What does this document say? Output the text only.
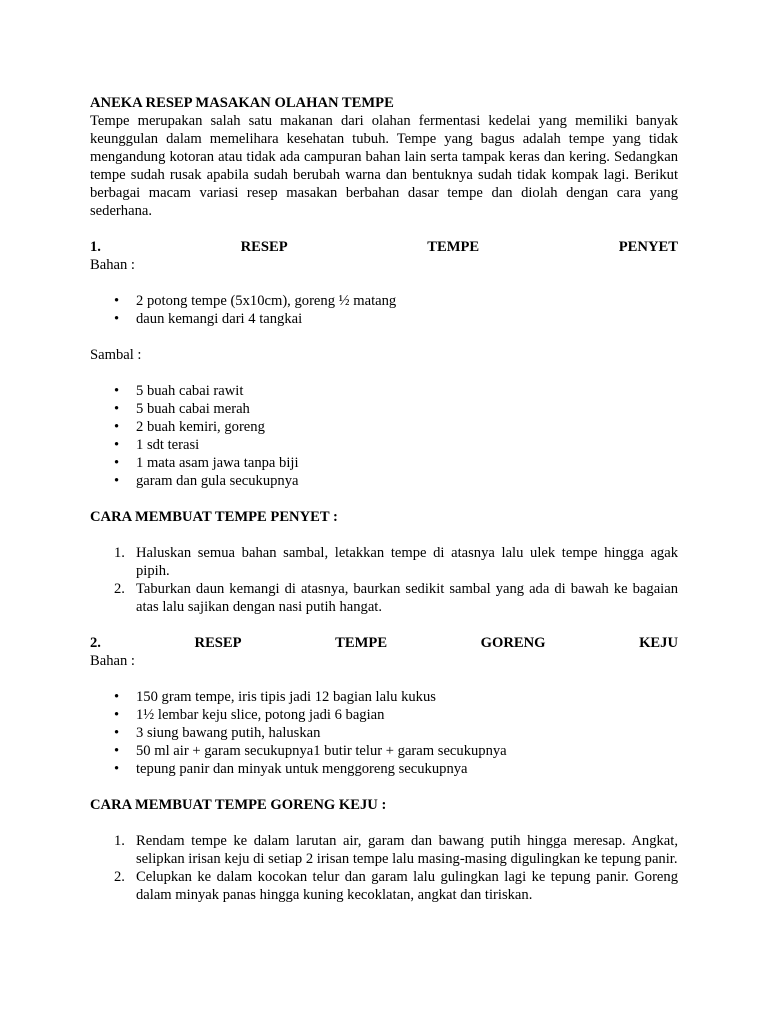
ANEKA RESEP MASAKAN OLAHAN TEMPE

Tempe merupakan salah satu makanan dari olahan fermentasi kedelai yang memiliki banyak keunggulan dalam memelihara kesehatan tubuh. Tempe yang bagus adalah tempe yang tidak mengandung kotoran atau tidak ada campuran bahan lain serta tampak keras dan kering. Sedangkan tempe sudah rusak apabila sudah berubah warna dan bentuknya sudah tidak kompak lagi. Berikut berbagai macam variasi resep masakan berbahan dasar tempe dan diolah dengan cara yang sederhana.

1.	RESEP	TEMPE	PENYET

Bahan :

• 2 potong tempe (5x10cm), goreng ½ matang
• daun kemangi dari 4 tangkai

Sambal :

• 5 buah cabai rawit
• 5 buah cabai merah
• 2 buah kemiri, goreng
• 1 sdt terasi
• 1 mata asam jawa tanpa biji
• garam dan gula secukupnya

CARA MEMBUAT TEMPE PENYET :

1. Haluskan semua bahan sambal, letakkan tempe di atasnya lalu ulek tempe hingga agak pipih.
2. Taburkan daun kemangi di atasnya, baurkan sedikit sambal yang ada di bawah ke bagaian atas lalu sajikan dengan nasi putih hangat.
2.	RESEP	TEMPE	GORENG	KEJU

Bahan :

• 150 gram tempe, iris tipis jadi 12 bagian lalu kukus
• 1½ lembar keju slice, potong jadi 6 bagian
• 3 siung bawang putih, haluskan
• 50 ml air + garam secukupnya1 butir telur + garam secukupnya
• tepung panir dan minyak untuk menggoreng secukupnya

CARA MEMBUAT TEMPE GORENG KEJU :

1. Rendam tempe ke dalam larutan air, garam dan bawang putih hingga meresap. Angkat, selipkan irisan keju di setiap 2 irisan tempe lalu masing-masing digulingkan ke tepung panir.
2. Celupkan ke dalam kocokan telur dan garam lalu gulingkan lagi ke tepung panir. Goreng dalam minyak panas hingga kuning kecoklatan, angkat dan tiriskan.
